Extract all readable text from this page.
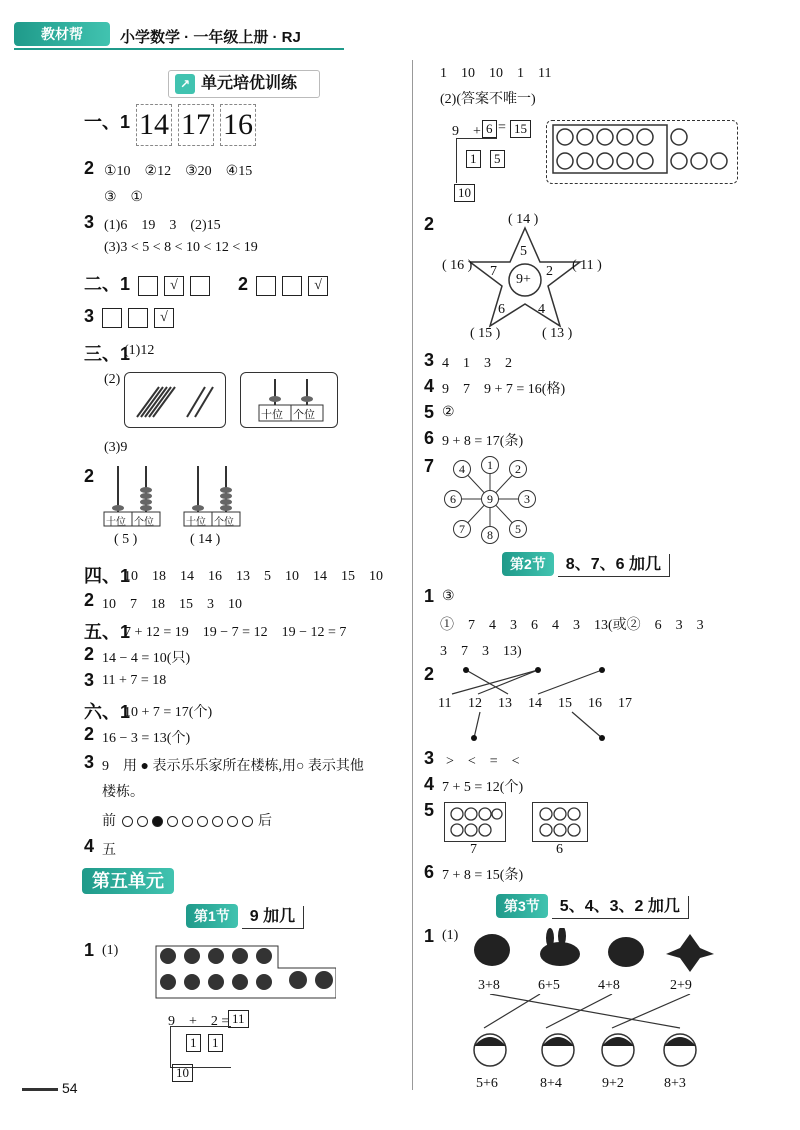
教材帮	小学数学 · 一年级上册 · RJ
↗ 单元培优训练
一、1 14 17 16
2 ①10　②12　③20　④15
③　①
3 (1)6　19　3　(2)15
(3)3 < 5 < 8 < 10 < 12 < 19
二、1	√	2	√
3	√
三、1
(1)12
(2)
十位 个位
(3)9
2
十位 个位
( 5 )
十位 个位
( 14 )
四、1
10　18　14　16　13　5　10　14　15　10
2 10　7　18　15　3　10
五、1
7 + 12 = 19　19 − 7 = 12　19 − 12 = 7
2 14 − 4 = 10(只)
3 11 + 7 = 18
六、1
10 + 7 = 17(个)
2 16 − 3 = 13(个)
3 9　用 ● 表示乐乐家所在楼栋,用○ 表示其他
楼栋。
前	后
4 五
第五单元
第1节 9 加几
1 (1)
9　+　2 = 11
1	1
10
54
1　10　10　1　11
(2)(答案不唯一)
9　+ 6 = 15
1	5
10
2	( 14 )
( 16 )	( 11 )
( 15 )	( 13 )
5
7	2
6 4
9+
3 4　1　3　2
4 9　7　9 + 7 = 16(格)
5 ②
6 9 + 8 = 17(条)
7	4	1	2
6	9	3
7	8	5
第2节 8、7、6 加几
1 ③
①　7　4　3　6　4　3　13(或②　6　3　3
3　7　3　13)
2
11 12 13 14 15 16 17
3 >　<　=　<
4 7 + 5 = 12(个)
5
7	6
6 7 + 8 = 15(条)
第3节 5、4、3、2 加几
1 (1)
3+8	6+5	4+8	2+9
5+6	8+4	9+2	8+3
